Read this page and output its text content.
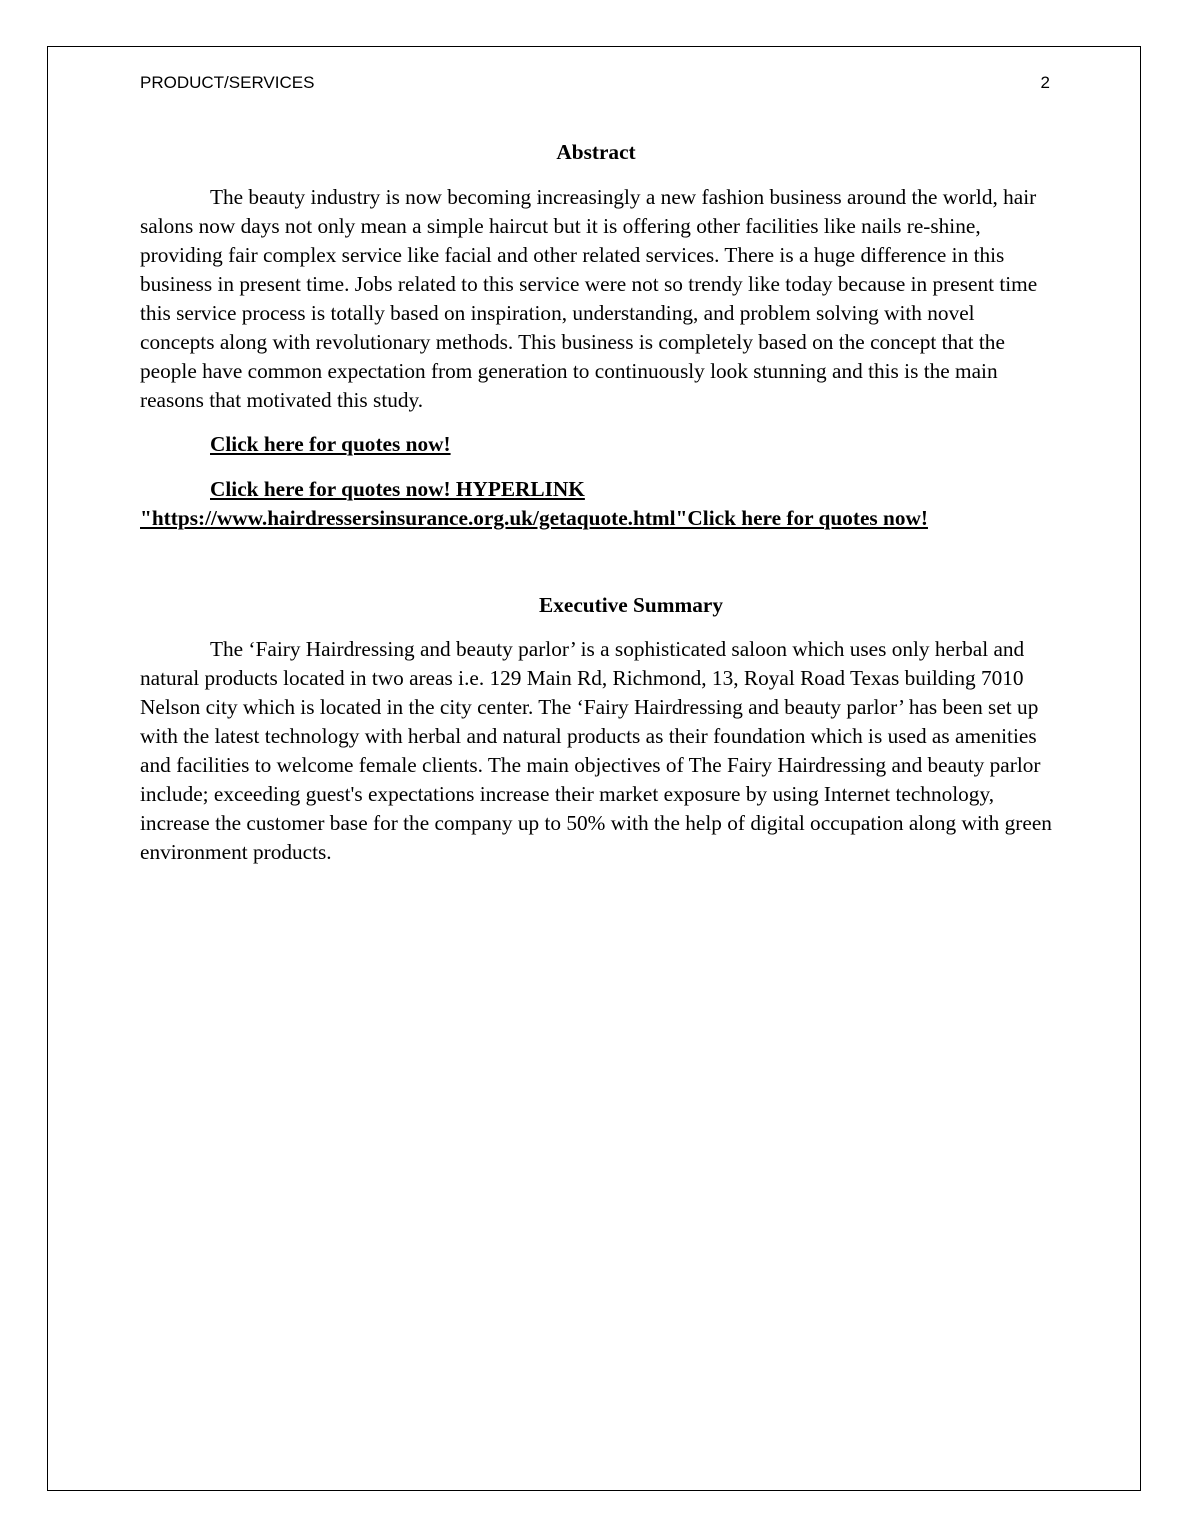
PRODUCT/SERVICES	2
Abstract

The beauty industry is now becoming increasingly a new fashion business around the world, hair salons now days not only mean a simple haircut but it is offering other facilities like nails re-shine, providing fair complex service like facial and other related services. There is a huge difference in this business in present time. Jobs related to this service were not so trendy like today because in present time this service process is totally based on inspiration, understanding, and problem solving with novel concepts along with revolutionary methods. This business is completely based on the concept that the people have common expectation from generation to continuously look stunning and this is the main reasons that motivated this study.

Click here for quotes now!

Click here for quotes now! HYPERLINK "https://www.hairdressersinsurance.org.uk/getaquote.html"Click here for quotes now!

Executive Summary

The ‘Fairy Hairdressing and beauty parlor’ is a sophisticated saloon which uses only herbal and natural products located in two areas i.e. 129 Main Rd, Richmond, 13, Royal Road Texas building 7010 Nelson city which is located in the city center. The ‘Fairy Hairdressing and beauty parlor’ has been set up with the latest technology with herbal and natural products as their foundation which is used as amenities and facilities to welcome female clients. The main objectives of The Fairy Hairdressing and beauty parlor include; exceeding guest's expectations increase their market exposure by using Internet technology, increase the customer base for the company up to 50% with the help of digital occupation along with green environment products.
